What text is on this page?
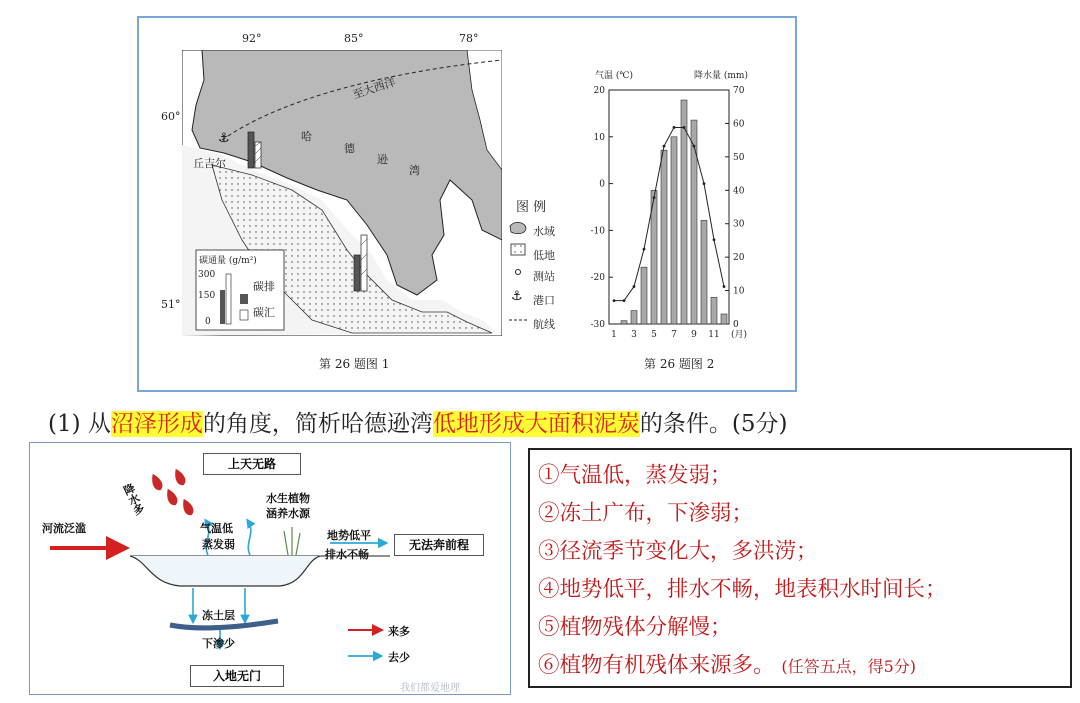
⚓
92°	85°	78°
60°
51°
至大西洋
哈
德
逊
湾
丘吉尔
碳通量 (g/m²)
300
150
0
碳排
碳汇
图 例
⚓
水域
低地
测站
港口
航线
第 26 题图 1
气温 (℃)	降水量 (mm)
20
10
0
-10
-20
-30
70
60
50
40
30
20
10
0
1 3 5 7 9 11 (月)
第 26 题图 2
(1) 从沼泽形成的角度，简析哈德逊湾低地形成大面积泥炭的条件。(5分)
上天无路
降水多
河流泛滥	气温低
蒸发弱
水生植物
涵养水源
地势低平
排水不畅
无法奔前程
冻土层
下渗少
来多
去少
入地无门
我们都爱地理
①气温低，蒸发弱；
②冻土广布，下渗弱；
③径流季节变化大，多洪涝；
④地势低平，排水不畅，地表积水时间长；
⑤植物残体分解慢；
⑥植物有机残体来源多。 (任答五点，得5分)
